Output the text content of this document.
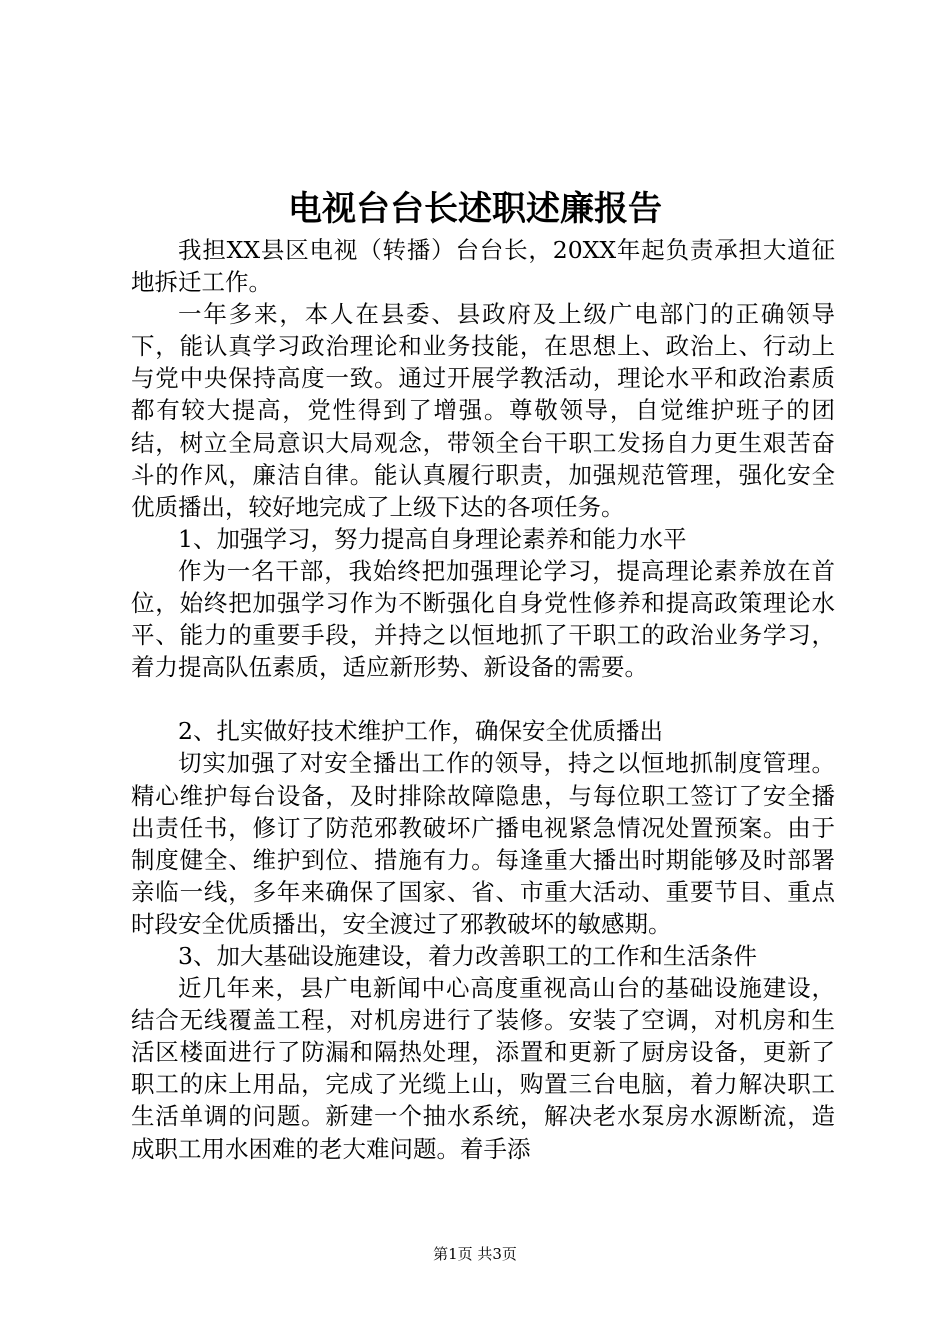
电视台台长述职述廉报告

我担XX县区电视（转播）台台长，20XX年起负责承担大道征地拆迁工作。

一年多来，本人在县委、县政府及上级广电部门的正确领导下，能认真学习政治理论和业务技能，在思想上、政治上、行动上与党中央保持高度一致。通过开展学教活动，理论水平和政治素质都有较大提高，党性得到了增强。尊敬领导，自觉维护班子的团结，树立全局意识大局观念，带领全台干职工发扬自力更生艰苦奋斗的作风，廉洁自律。能认真履行职责，加强规范管理，强化安全优质播出，较好地完成了上级下达的各项任务。

1、加强学习，努力提高自身理论素养和能力水平

作为一名干部，我始终把加强理论学习，提高理论素养放在首位，始终把加强学习作为不断强化自身党性修养和提高政策理论水平、能力的重要手段，并持之以恒地抓了干职工的政治业务学习，着力提高队伍素质，适应新形势、新设备的需要。

2、扎实做好技术维护工作，确保安全优质播出

切实加强了对安全播出工作的领导，持之以恒地抓制度管理。精心维护每台设备，及时排除故障隐患，与每位职工签订了安全播出责任书，修订了防范邪教破坏广播电视紧急情况处置预案。由于制度健全、维护到位、措施有力。每逢重大播出时期能够及时部署亲临一线，多年来确保了国家、省、市重大活动、重要节目、重点时段安全优质播出，安全渡过了邪教破坏的敏感期。

3、加大基础设施建设，着力改善职工的工作和生活条件

近几年来，县广电新闻中心高度重视高山台的基础设施建设，结合无线覆盖工程，对机房进行了装修。安装了空调，对机房和生活区楼面进行了防漏和隔热处理，添置和更新了厨房设备，更新了职工的床上用品，完成了光缆上山，购置三台电脑，着力解决职工生活单调的问题。新建一个抽水系统，解决老水泵房水源断流，造成职工用水困难的老大难问题。着手添

第1页 共3页
